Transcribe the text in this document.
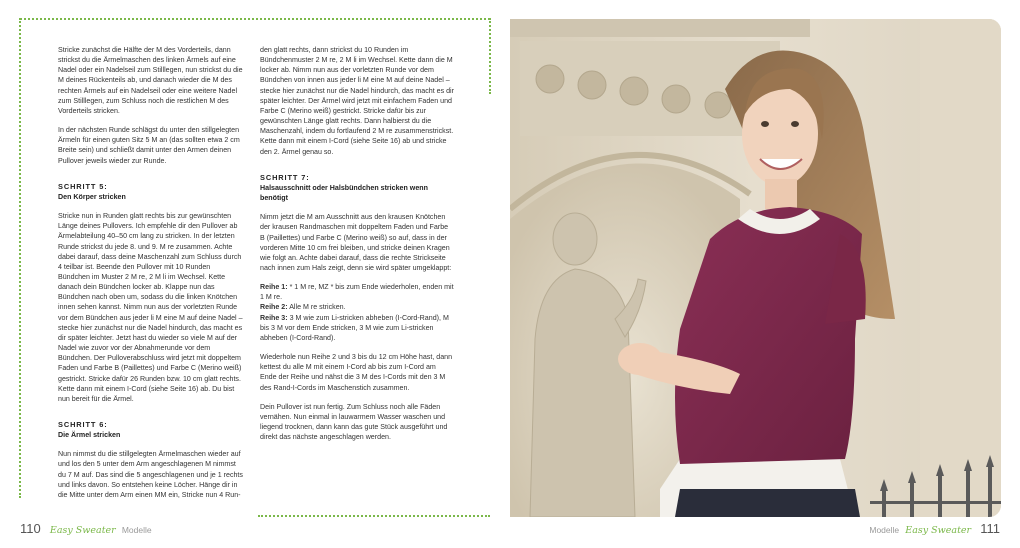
Stricke zunächst die Hälfte der M des Vorderteils, dann strickst du die Ärmelmaschen des linken Ärmels auf eine Nadel oder ein Nadelseil zum Stilllegen, nun strickst du die M deines Rückenteils ab, und danach wieder die M des rechten Ärmels auf ein Nadelseil oder eine weitere Nadel zum Stilllegen, zum Schluss noch die restlichen M des Vorderteils stricken.

In der nächsten Runde schlägst du unter den stillgelegten Ärmeln für einen guten Sitz 5 M an (das sollten etwa 2 cm Breite sein) und schließt damit unter den Armen deinen Pullover jeweils wieder zur Runde.

SCHRITT 5:
Den Körper stricken

Stricke nun in Runden glatt rechts bis zur gewünschten Länge deines Pullovers. Ich empfehle dir den Pullover ab Ärmelabteilung 40–50 cm lang zu stricken. In der letzten Runde strickst du jede 8. und 9. M re zusammen. Achte dabei darauf, dass deine Maschenzahl zum Schluss durch 4 teilbar ist. Beende den Pullover mit 10 Runden Bündchen im Muster 2 M re, 2 M li im Wechsel. Kette danach dein Bündchen locker ab. Klappe nun das Bündchen nach oben um, sodass du die linken Knötchen innen sehen kannst. Nimm nun aus der vorletzten Runde vor dem Bündchen aus jeder li M eine M auf deine Nadel – stecke hier zunächst nur die Nadel hindurch, das macht es dir später leichter. Jetzt hast du wieder so viele M auf der Nadel wie zuvor vor der Abnahmerunde vor dem Bündchen. Der Pulloverabschluss wird jetzt mit doppeltem Faden und Farbe B (Paillettes) und Farbe C (Merino weiß) gestrickt. Stricke dafür 26 Runden bzw. 10 cm glatt rechts. Kette dann mit einem I-Cord (siehe Seite 16) ab. Du bist nun bereit für die Ärmel.

SCHRITT 6:
Die Ärmel stricken

Nun nimmst du die stillgelegten Ärmelmaschen wieder auf und los den 5 unter dem Arm angeschlagenen M nimmst du 7 M auf. Das sind die 5 angeschlagenen und je 1 rechts und links davon. So entstehen keine Löcher. Hänge dir in die Mitte unter dem Arm einen MM ein, Stricke nun 4 Run-

den glatt rechts, dann strickst du 10 Runden im Bündchenmuster 2 M re, 2 M li im Wechsel. Kette dann die M locker ab. Nimm nun aus der vorletzten Runde vor dem Bündchen von innen aus jeder li M eine M auf deine Nadel – stecke hier zunächst nur die Nadel hindurch, das macht es dir später leichter. Der Ärmel wird jetzt mit einfachem Faden und Farbe C (Merino weiß) gestrickt. Stricke dafür bis zur gewünschten Länge glatt rechts. Dann halbierst du die Maschenzahl, indem du fortlaufend 2 M re zusammenstrickst. Kette dann mit einem I-Cord (siehe Seite 16) ab und stricke den 2. Ärmel genau so.

SCHRITT 7:
Halsausschnitt oder Halsbündchen stricken wenn benötigt

Nimm jetzt die M am Ausschnitt aus den krausen Knötchen der krausen Randmaschen mit doppeltem Faden und Farbe B (Paillettes) und Farbe C (Merino weiß) so auf, dass in der vorderen Mitte 10 cm frei bleiben, und stricke deinen Kragen wie folgt an. Achte dabei darauf, dass die rechte Strickseite nach innen zum Hals zeigt, denn sie wird später umgeklappt:

Reihe 1: * 1 M re, MZ * bis zum Ende wiederholen, enden mit 1 M re.
Reihe 2: Alle M re stricken.
Reihe 3: 3 M wie zum Li-stricken abheben (I-Cord-Rand), M bis 3 M vor dem Ende stricken, 3 M wie zum Li-stricken abheben (I-Cord-Rand).

Wiederhole nun Reihe 2 und 3 bis du 12 cm Höhe hast, dann kettest du alle M mit einem I-Cord ab bis zum I-Cord am Ende der Reihe und nähst die 3 M des I-Cords mit den 3 M des Rand-I-Cords im Maschenstich zusammen.

Dein Pullover ist nun fertig. Zum Schluss noch alle Fäden vernähen. Nun einmal in lauwarmem Wasser waschen und liegend trocknen, dann kann das gute Stück ausgeführt und direkt das nächste angeschlagen werden.

110 Easy Sweater Modelle	Modelle Easy Sweater 111
